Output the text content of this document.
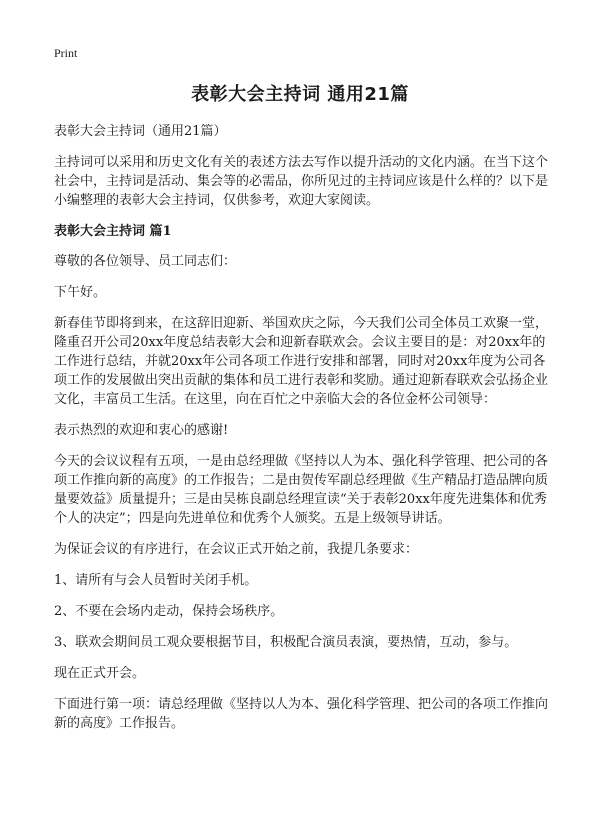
Print
表彰大会主持词 通用21篇

表彰大会主持词（通用21篇）

主持词可以采用和历史文化有关的表述方法去写作以提升活动的文化内涵。在当下这个社会中，主持词是活动、集会等的必需品，你所见过的主持词应该是什么样的？以下是小编整理的表彰大会主持词，仅供参考，欢迎大家阅读。

表彰大会主持词 篇1

尊敬的各位领导、员工同志们：

下午好。

新春佳节即将到来，在这辞旧迎新、举国欢庆之际，今天我们公司全体员工欢聚一堂，隆重召开公司20xx年度总结表彰大会和迎新春联欢会。会议主要目的是：对20xx年的工作进行总结，并就20xx年公司各项工作进行安排和部署，同时对20xx年度为公司各项工作的发展做出突出贡献的集体和员工进行表彰和奖励。通过迎新春联欢会弘扬企业文化，丰富员工生活。在这里，向在百忙之中亲临大会的各位金杯公司领导：

表示热烈的欢迎和衷心的感谢!

今天的会议议程有五项，一是由总经理做《坚持以人为本、强化科学管理、把公司的各项工作推向新的高度》的工作报告；二是由贺传军副总经理做《生产精品打造品牌向质量要效益》质量提升；三是由吴栋良副总经理宣读“关于表彰20xx年度先进集体和优秀个人的决定”；四是向先进单位和优秀个人颁奖。五是上级领导讲话。

为保证会议的有序进行，在会议正式开始之前，我提几条要求：

1、请所有与会人员暂时关闭手机。

2、不要在会场内走动，保持会场秩序。

3、联欢会期间员工观众要根据节目，积极配合演员表演，要热情，互动，参与。

现在正式开会。

下面进行第一项：请总经理做《坚持以人为本、强化科学管理、把公司的各项工作推向新的高度》工作报告。
